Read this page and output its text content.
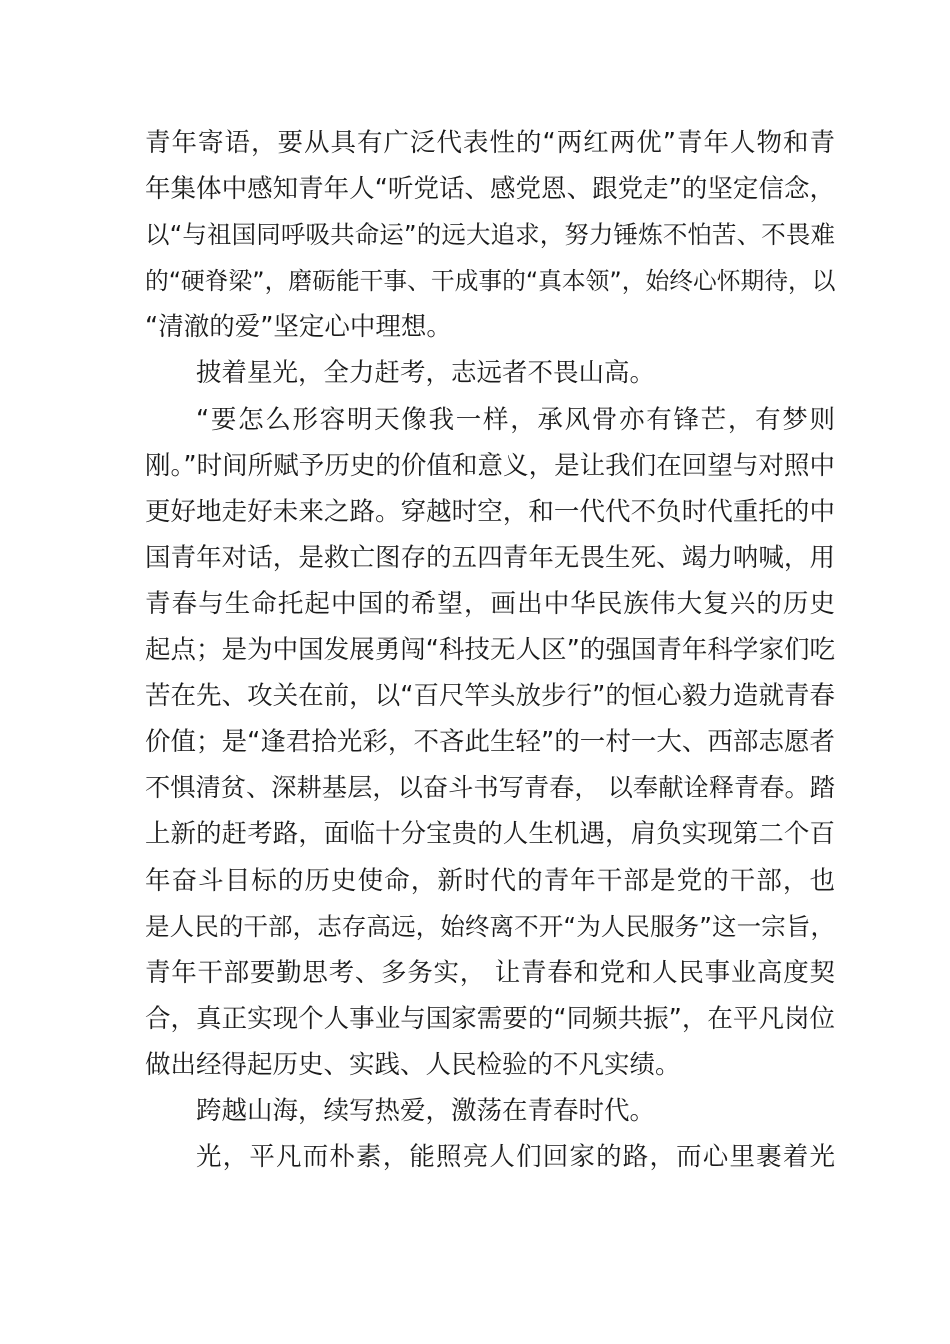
青年寄语，要从具有广泛代表性的“两红两优”青年人物和青
年集体中感知青年人“听党话、感党恩、跟党走”的坚定信念，
以“与祖国同呼吸共命运”的远大追求，努力锤炼不怕苦、不畏难
的“硬脊梁”，磨砺能干事、干成事的“真本领”，始终心怀期待，以
“清澈的爱”坚定心中理想。
披着星光，全力赶考，志远者不畏山高。
“要怎么形容明天像我一样，承风骨亦有锋芒，有梦则
刚。”时间所赋予历史的价值和意义，是让我们在回望与对照中
更好地走好未来之路。穿越时空，和一代代不负时代重托的中
国青年对话，是救亡图存的五四青年无畏生死、竭力呐喊，用
青春与生命托起中国的希望，画出中华民族伟大复兴的历史
起点；是为中国发展勇闯“科技无人区”的强国青年科学家们吃
苦在先、攻关在前，以“百尺竿头放步行”的恒心毅力造就青春
价值；是“逢君拾光彩，不吝此生轻”的一村一大、西部志愿者
不惧清贫、深耕基层，以奋斗书写青春， 以奉献诠释青春。踏
上新的赶考路，面临十分宝贵的人生机遇，肩负实现第二个百
年奋斗目标的历史使命，新时代的青年干部是党的干部，也
是人民的干部，志存高远，始终离不开“为人民服务”这一宗旨，
青年干部要勤思考、多务实， 让青春和党和人民事业高度契
合，真正实现个人事业与国家需要的“同频共振”，在平凡岗位
做出经得起历史、实践、人民检验的不凡实绩。
跨越山海，续写热爱，激荡在青春时代。
光，平凡而朴素，能照亮人们回家的路，而心里裹着光
